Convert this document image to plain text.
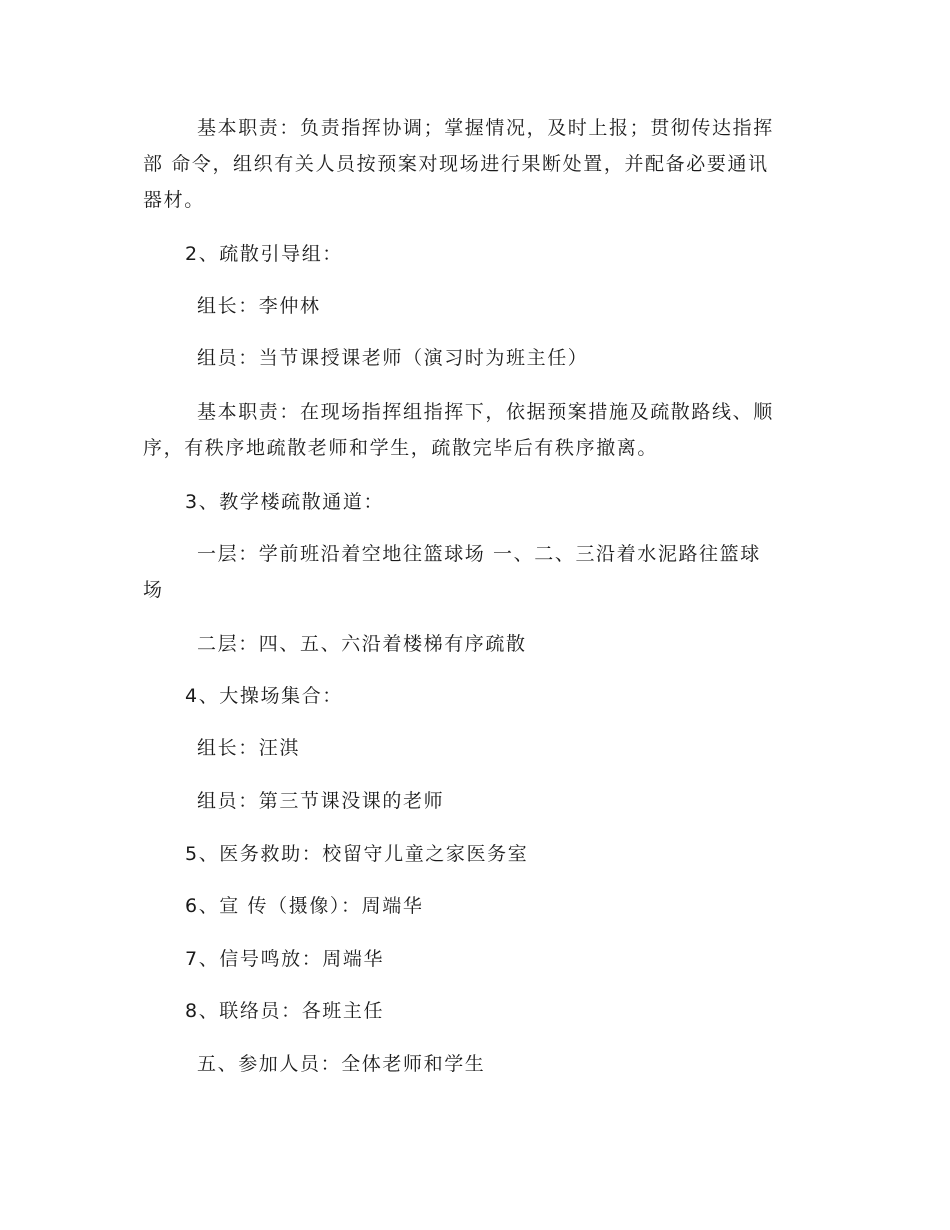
基本职责：负责指挥协调；掌握情况，及时上报；贯彻传达指挥
部 命令，组织有关人员按预案对现场进行果断处置，并配备必要通讯
器材。
2、疏散引导组：
组长：李仲林
组员：当节课授课老师（演习时为班主任）
基本职责：在现场指挥组指挥下，依据预案措施及疏散路线、顺
序，有秩序地疏散老师和学生，疏散完毕后有秩序撤离。
3、教学楼疏散通道：
一层：学前班沿着空地往篮球场 一、二、三沿着水泥路往篮球
场
二层：四、五、六沿着楼梯有序疏散
4、大操场集合：
组长：汪淇
组员：第三节课没课的老师
5、医务救助：校留守儿童之家医务室
6、宣 传（摄像）：周端华
7、信号鸣放：周端华
8、联络员：各班主任
五、参加人员：全体老师和学生
